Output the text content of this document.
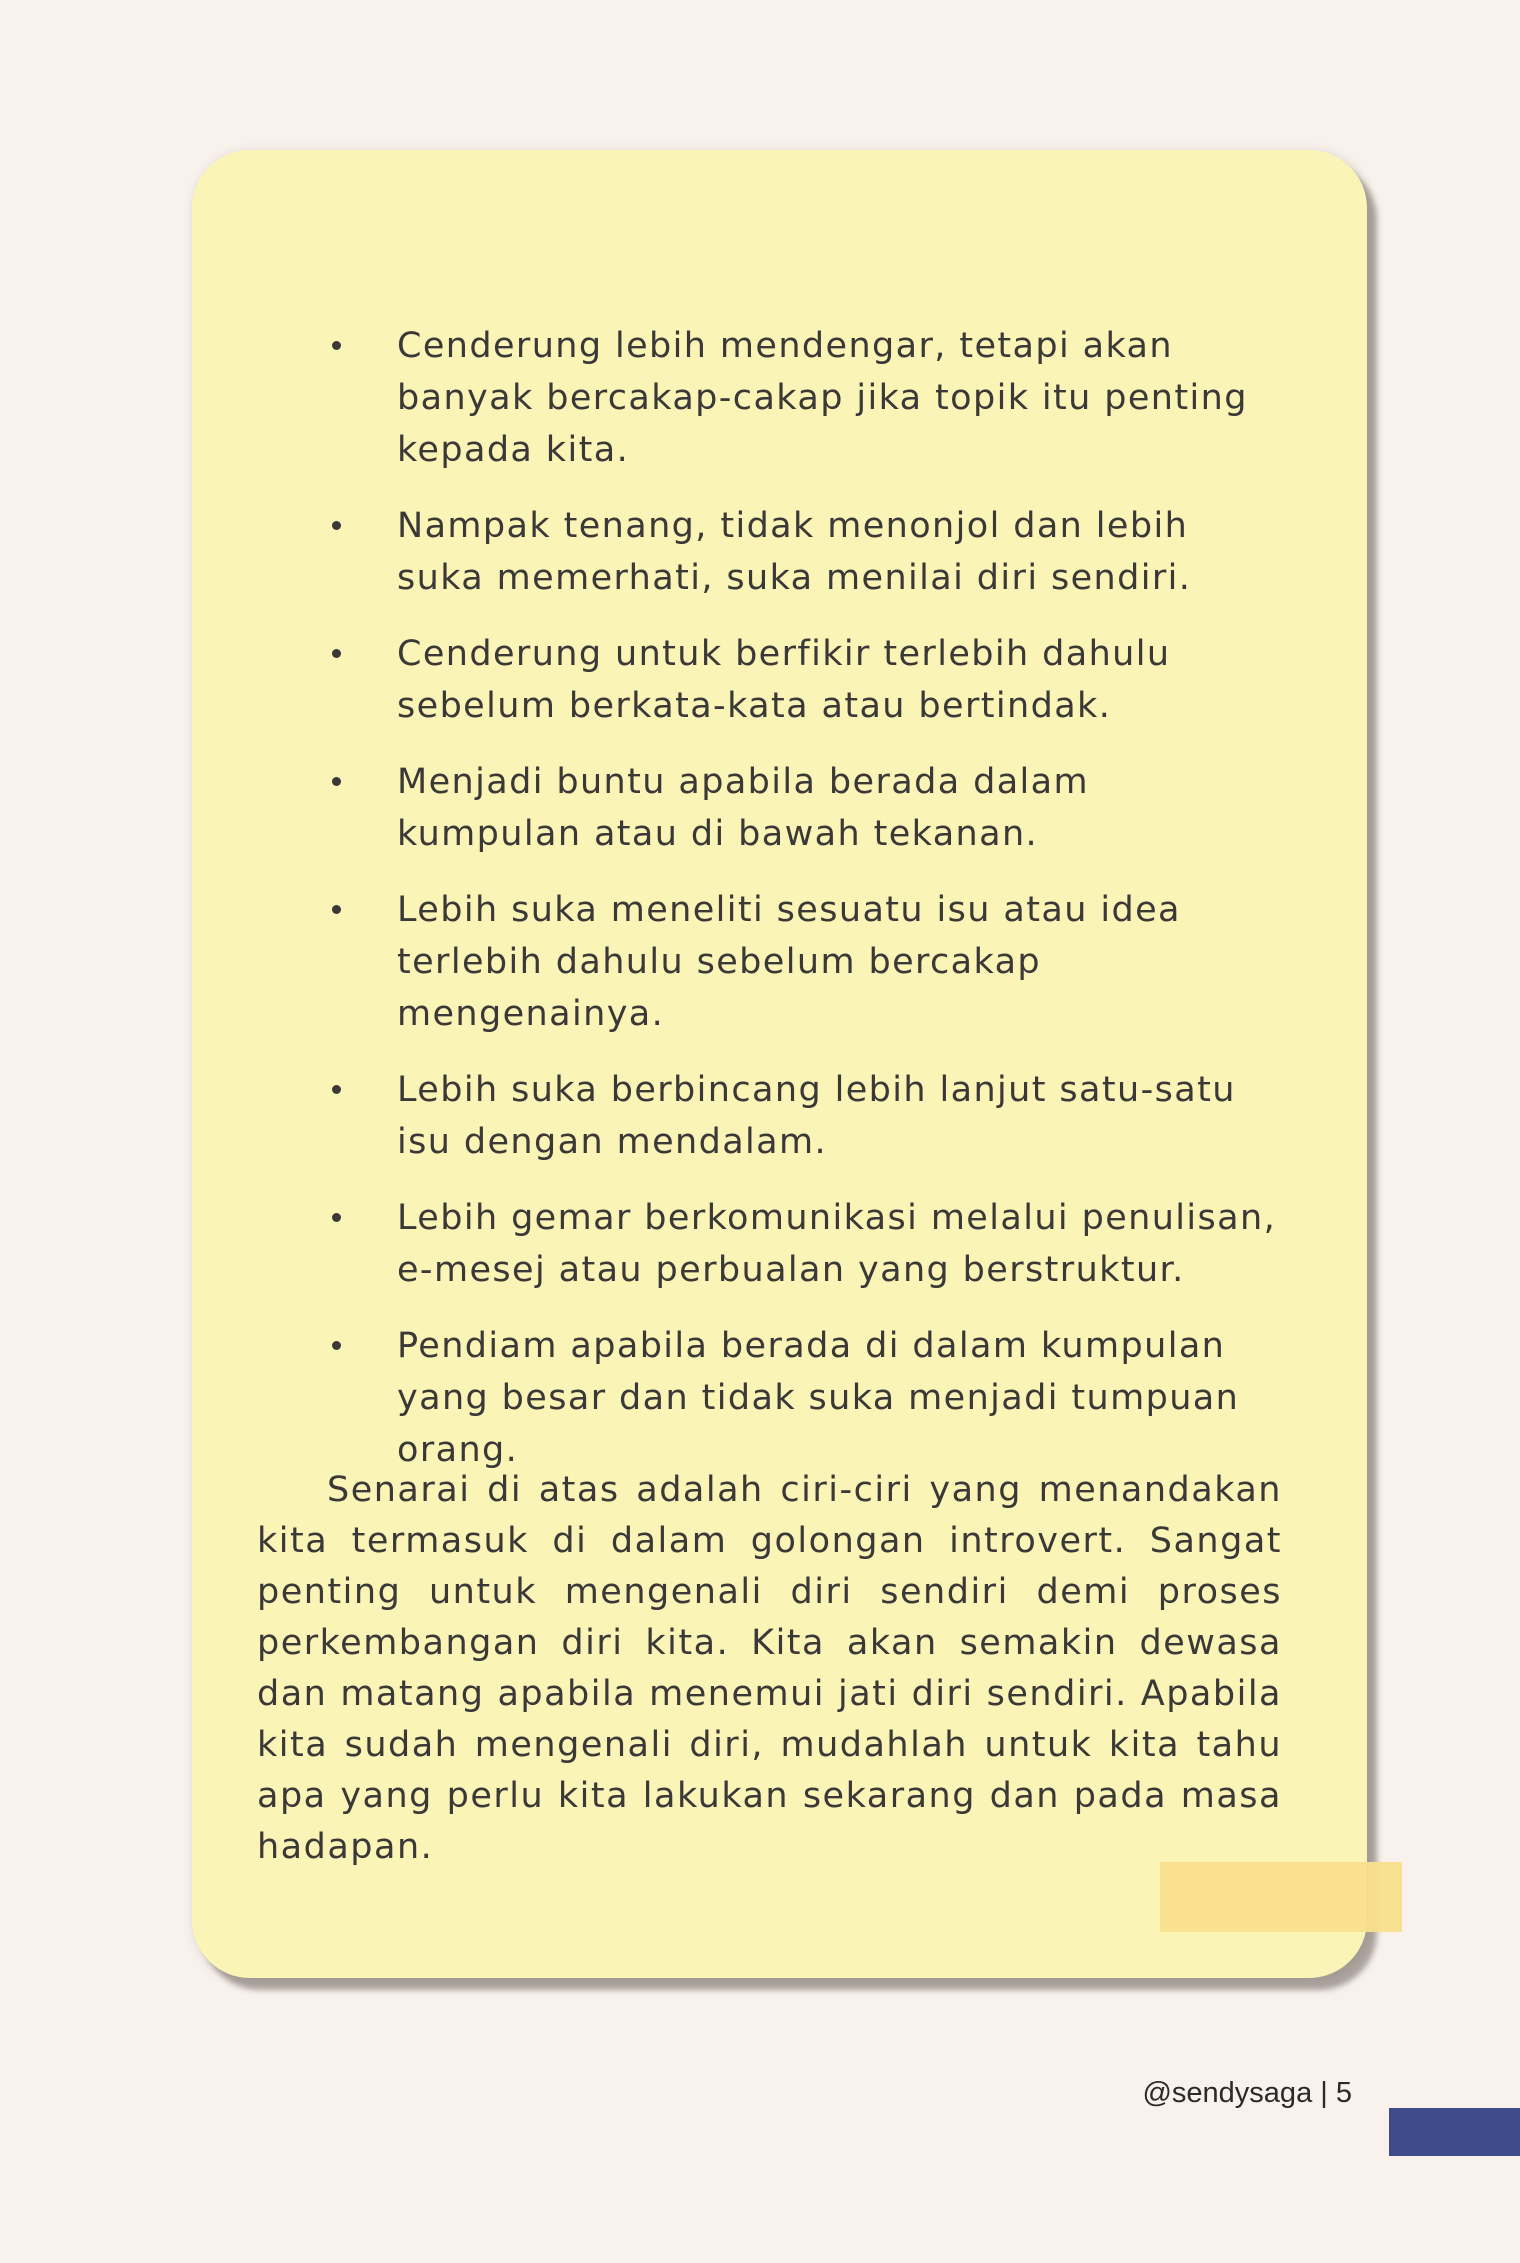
Cenderung lebih mendengar, tetapi akan banyak bercakap-cakap jika topik itu penting kepada kita.
Nampak tenang, tidak menonjol dan lebih suka memerhati, suka menilai diri sendiri.
Cenderung untuk berfikir terlebih dahulu sebelum berkata-kata atau bertindak.
Menjadi buntu apabila berada dalam kumpulan atau di bawah tekanan.
Lebih suka meneliti sesuatu isu atau idea terlebih dahulu sebelum bercakap mengenainya.
Lebih suka berbincang lebih lanjut satu-satu isu dengan mendalam.
Lebih gemar berkomunikasi melalui penulisan, e-mesej atau perbualan yang berstruktur.
Pendiam apabila berada di dalam kumpulan yang besar dan tidak suka menjadi tumpuan orang.

Senarai di atas adalah ciri-ciri yang menandakan kita termasuk di dalam golongan introvert. Sangat penting untuk mengenali diri sendiri demi proses perkembangan diri kita. Kita akan semakin dewasa dan matang apabila menemui jati diri sendiri. Apabila kita sudah mengenali diri, mudahlah untuk kita tahu apa yang perlu kita lakukan sekarang dan pada masa hadapan.

@sendysaga | 5
